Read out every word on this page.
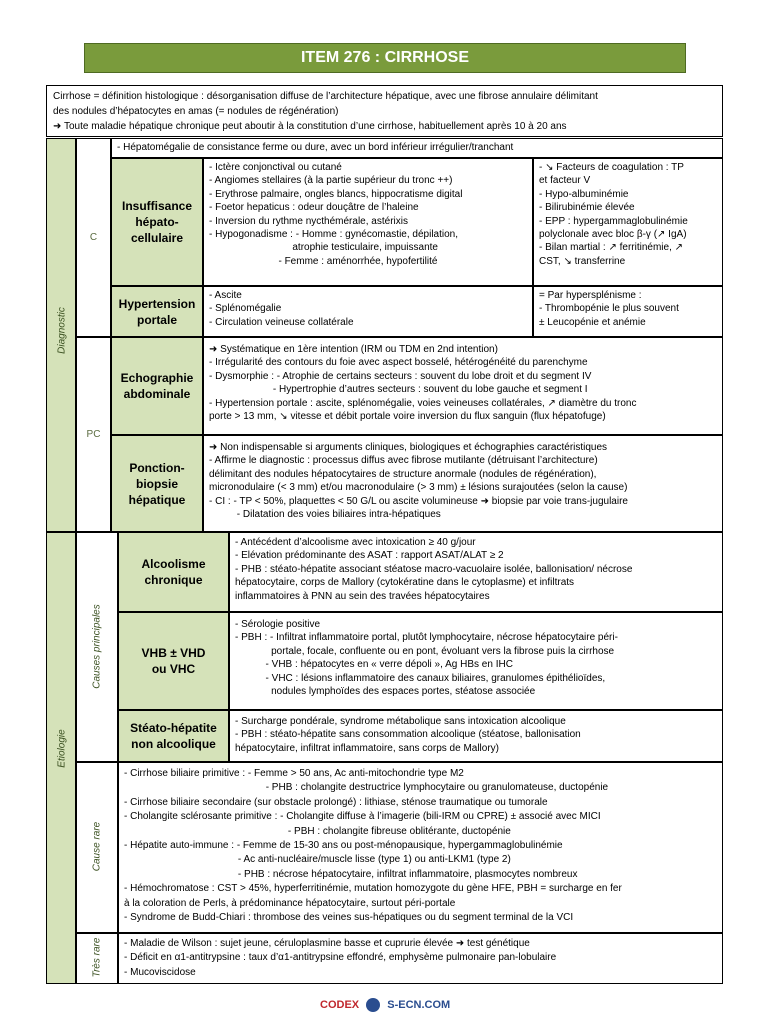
ITEM 276 : CIRRHOSE
Cirrhose = définition histologique : désorganisation diffuse de l’architecture hépatique, avec une fibrose annulaire délimitant
des nodules d’hépatocytes en amas (= nodules de régénération)
➜ Toute maladie hépatique chronique peut aboutir à la constitution d’une cirrhose, habituellement après 10 à 20 ans
Diagnostic
C
PC
- Hépatomégalie de consistance ferme ou dure, avec un bord inférieur irrégulier/tranchant
Insuffisance
hépato-
cellulaire
- Ictère conjonctival ou cutané
- Angiomes stellaires (à la partie supérieur du tronc ++)
- Erythrose palmaire, ongles blancs, hippocratisme digital
- Foetor hepaticus : odeur douçâtre de l’haleine
- Inversion du rythme nycthémérale, astérixis
- Hypogonadisme : - Homme : gynécomastie, dépilation,
atrophie testiculaire, impuissante
- Femme : aménorrhée, hypofertilité
- ↘ Facteurs de coagulation : TP
et facteur V
- Hypo-albuminémie
- Bilirubinémie élevée
- EPP : hypergammaglobulinémie
polyclonale avec bloc β-γ (↗ IgA)
- Bilan martial : ↗ ferritinémie, ↗
CST, ↘ transferrine
Hypertension
portale
- Ascite
- Splénomégalie
- Circulation veineuse collatérale
= Par hypersplénisme :
- Thrombopénie le plus souvent
± Leucopénie et anémie
Echographie
abdominale
➜ Systématique en 1ère intention (IRM ou TDM en 2nd intention)
- Irrégularité des contours du foie avec aspect bosselé, hétérogénéité du parenchyme
- Dysmorphie : - Atrophie de certains secteurs : souvent du lobe droit et du segment IV
- Hypertrophie d’autres secteurs : souvent du lobe gauche et segment I
- Hypertension portale : ascite, splénomégalie, voies veineuses collatérales, ↗ diamètre du tronc
porte > 13 mm, ↘ vitesse et débit portale voire inversion du flux sanguin (flux hépatofuge)
Ponction-
biopsie
hépatique
➜ Non indispensable si arguments cliniques, biologiques et échographies caractéristiques
- Affirme le diagnostic : processus diffus avec fibrose mutilante (détruisant l’architecture)
délimitant des nodules hépatocytaires de structure anormale (nodules de régénération),
micronodulaire (< 3 mm) et/ou macronodulaire (> 3 mm) ± lésions surajoutées (selon la cause)
- CI : - TP < 50%, plaquettes < 50 G/L ou ascite volumineuse ➜ biopsie par voie trans-jugulaire
- Dilatation des voies biliaires intra-hépatiques
Etiologie
Causes principales
Cause rare
Très rare
Alcoolisme
chronique
- Antécédent d’alcoolisme avec intoxication ≥ 40 g/jour
- Elévation prédominante des ASAT : rapport ASAT/ALAT ≥ 2
- PHB : stéato-hépatite associant stéatose macro-vacuolaire isolée, ballonisation/ nécrose
hépatocytaire, corps de Mallory (cytokératine dans le cytoplasme) et infiltrats
inflammatoires à PNN au sein des travées hépatocytaires
VHB ± VHD
ou VHC
- Sérologie positive
- PBH : - Infiltrat inflammatoire portal, plutôt lymphocytaire, nécrose hépatocytaire péri-
portale, focale, confluente ou en pont, évoluant vers la fibrose puis la cirrhose
- VHB : hépatocytes en « verre dépoli », Ag HBs en IHC
- VHC : lésions inflammatoire des canaux biliaires, granulomes épithélioïdes,
nodules lymphoïdes des espaces portes, stéatose associée
Stéato-hépatite
non alcoolique
- Surcharge pondérale, syndrome métabolique sans intoxication alcoolique
- PBH : stéato-hépatite sans consommation alcoolique (stéatose, ballonisation
hépatocytaire, infiltrat inflammatoire, sans corps de Mallory)
- Cirrhose biliaire primitive : - Femme > 50 ans, Ac anti-mitochondrie type M2
- PHB : cholangite destructrice lymphocytaire ou granulomateuse, ductopénie
- Cirrhose biliaire secondaire (sur obstacle prolongé) : lithiase, sténose traumatique ou tumorale
- Cholangite sclérosante primitive : - Cholangite diffuse à l’imagerie (bili-IRM ou CPRE) ± associé avec MICI
- PBH : cholangite fibreuse oblitérante, ductopénie
- Hépatite auto-immune : - Femme de 15-30 ans ou post-ménopausique, hypergammaglobulinémie
- Ac anti-nucléaire/muscle lisse (type 1) ou anti-LKM1 (type 2)
- PHB : nécrose hépatocytaire, infiltrat inflammatoire, plasmocytes nombreux
- Hémochromatose : CST > 45%, hyperferritinémie, mutation homozygote du gène HFE, PBH = surcharge en fer
à la coloration de Perls, à prédominance hépatocytaire, surtout péri-portale
- Syndrome de Budd-Chiari : thrombose des veines sus-hépatiques ou du segment terminal de la VCI
- Maladie de Wilson : sujet jeune, céruloplasmine basse et cuprurie élevée ➜ test génétique
- Déficit en α1-antitrypsine : taux d’α1-antitrypsine effondré, emphysème pulmonaire pan-lobulaire
- Mucoviscidose
CODEX	S-ECN.COM
